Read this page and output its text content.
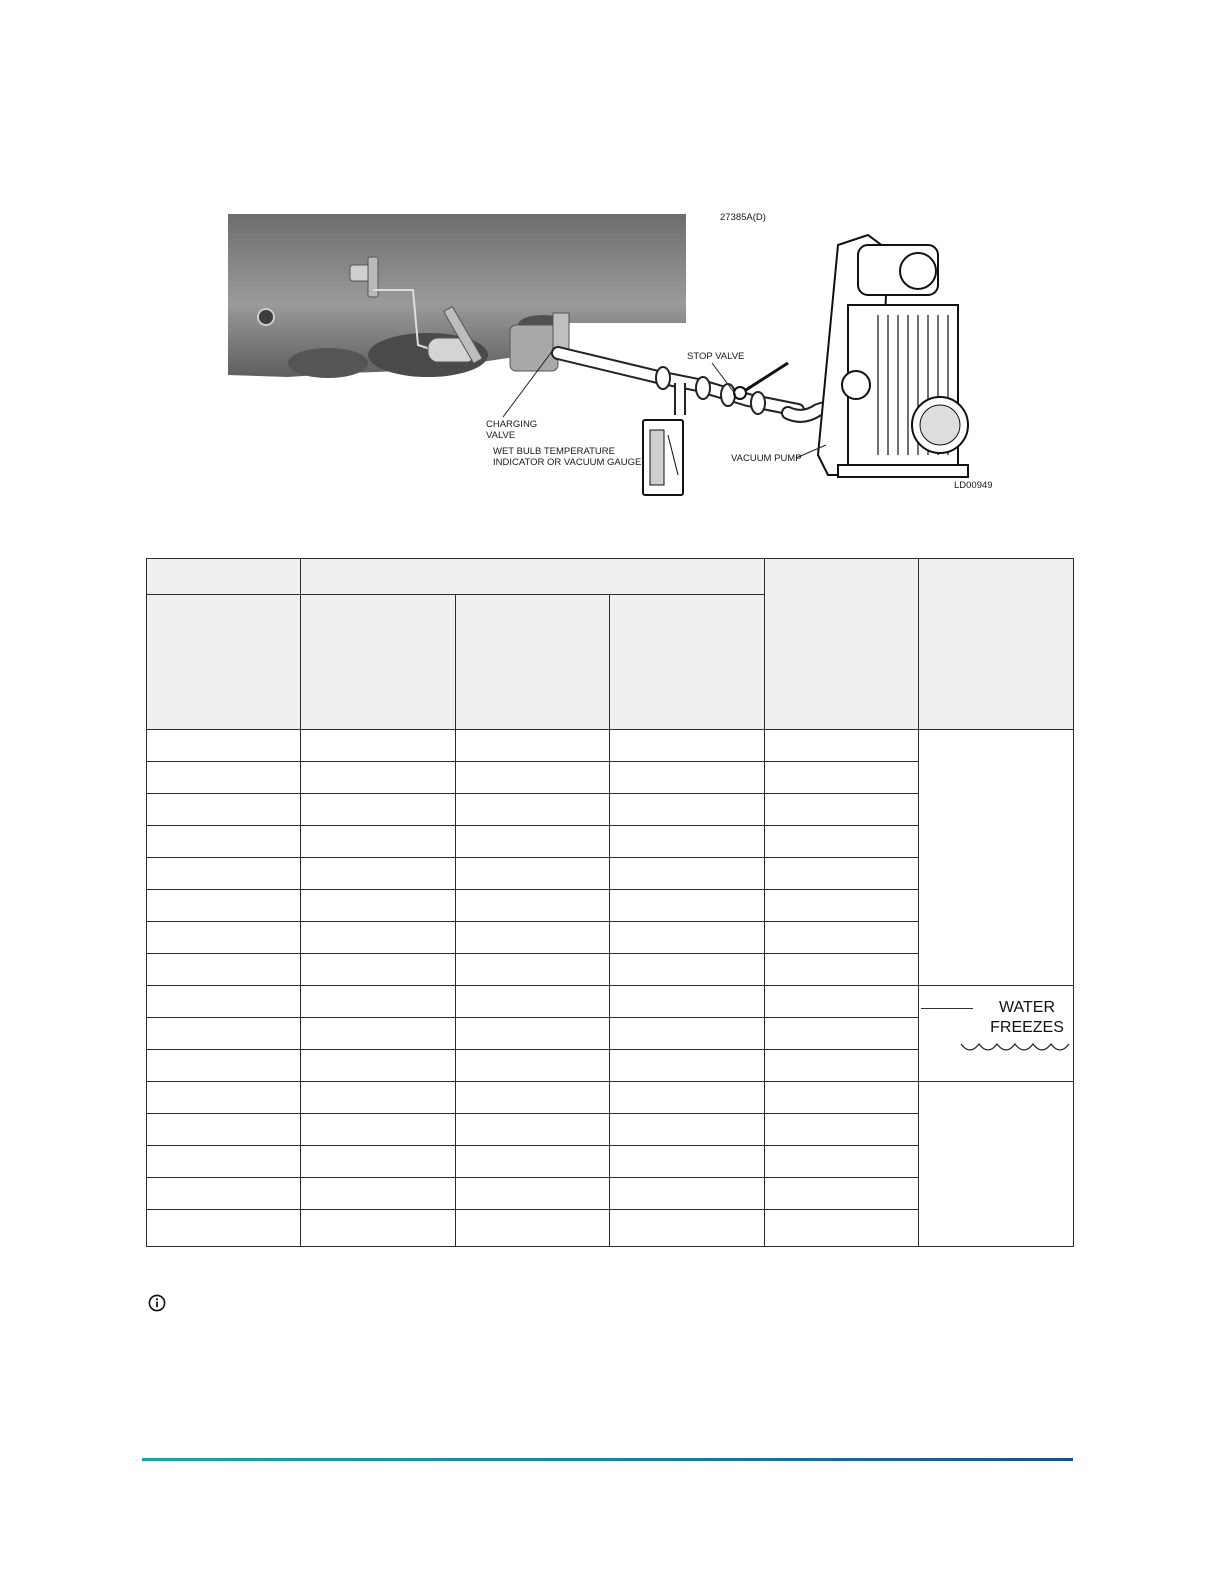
27385A(D)
STOP VALVE
CHARGING
VALVE
WET BULB TEMPERATURE
INDICATOR OR VACUUM GAUGE	VACUUM PUMP
LD00949

					WATER
FREEZES
